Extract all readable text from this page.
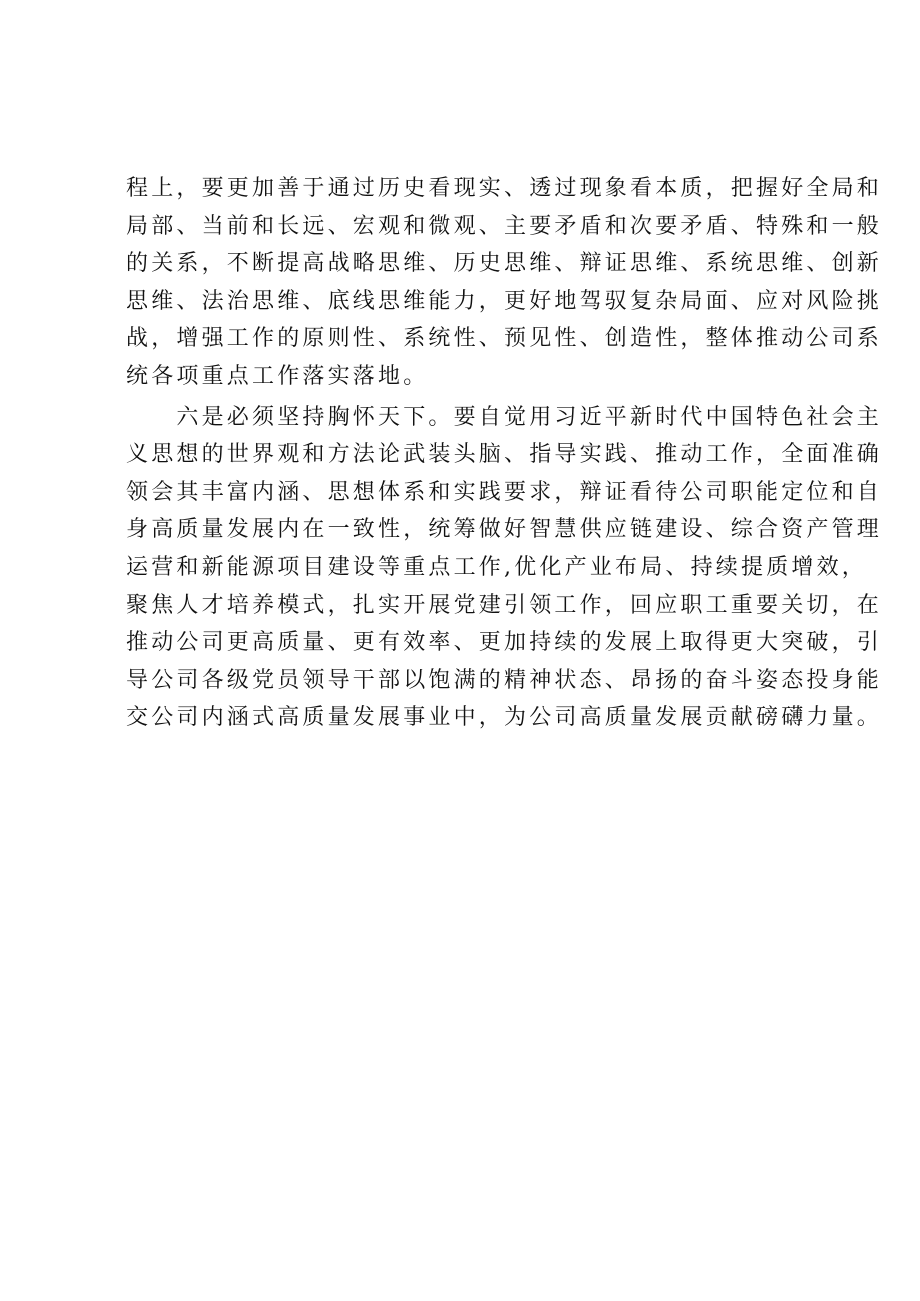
程上，要更加善于通过历史看现实、透过现象看本质，把握好全局和
局部、当前和长远、宏观和微观、主要矛盾和次要矛盾、特殊和一般
的关系，不断提高战略思维、历史思维、辩证思维、系统思维、创新
思维、法治思维、底线思维能力，更好地驾驭复杂局面、应对风险挑
战，增强工作的原则性、系统性、预见性、创造性，整体推动公司系
统各项重点工作落实落地。
　　六是必须坚持胸怀天下。要自觉用习近平新时代中国特色社会主
义思想的世界观和方法论武装头脑、指导实践、推动工作，全面准确
领会其丰富内涵、思想体系和实践要求，辩证看待公司职能定位和自
身高质量发展内在一致性，统筹做好智慧供应链建设、综合资产管理
运营和新能源项目建设等重点工作,优化产业布局、持续提质增效，
聚焦人才培养模式，扎实开展党建引领工作，回应职工重要关切，在
推动公司更高质量、更有效率、更加持续的发展上取得更大突破，引
导公司各级党员领导干部以饱满的精神状态、昂扬的奋斗姿态投身能
交公司内涵式高质量发展事业中，为公司高质量发展贡献磅礴力量。
